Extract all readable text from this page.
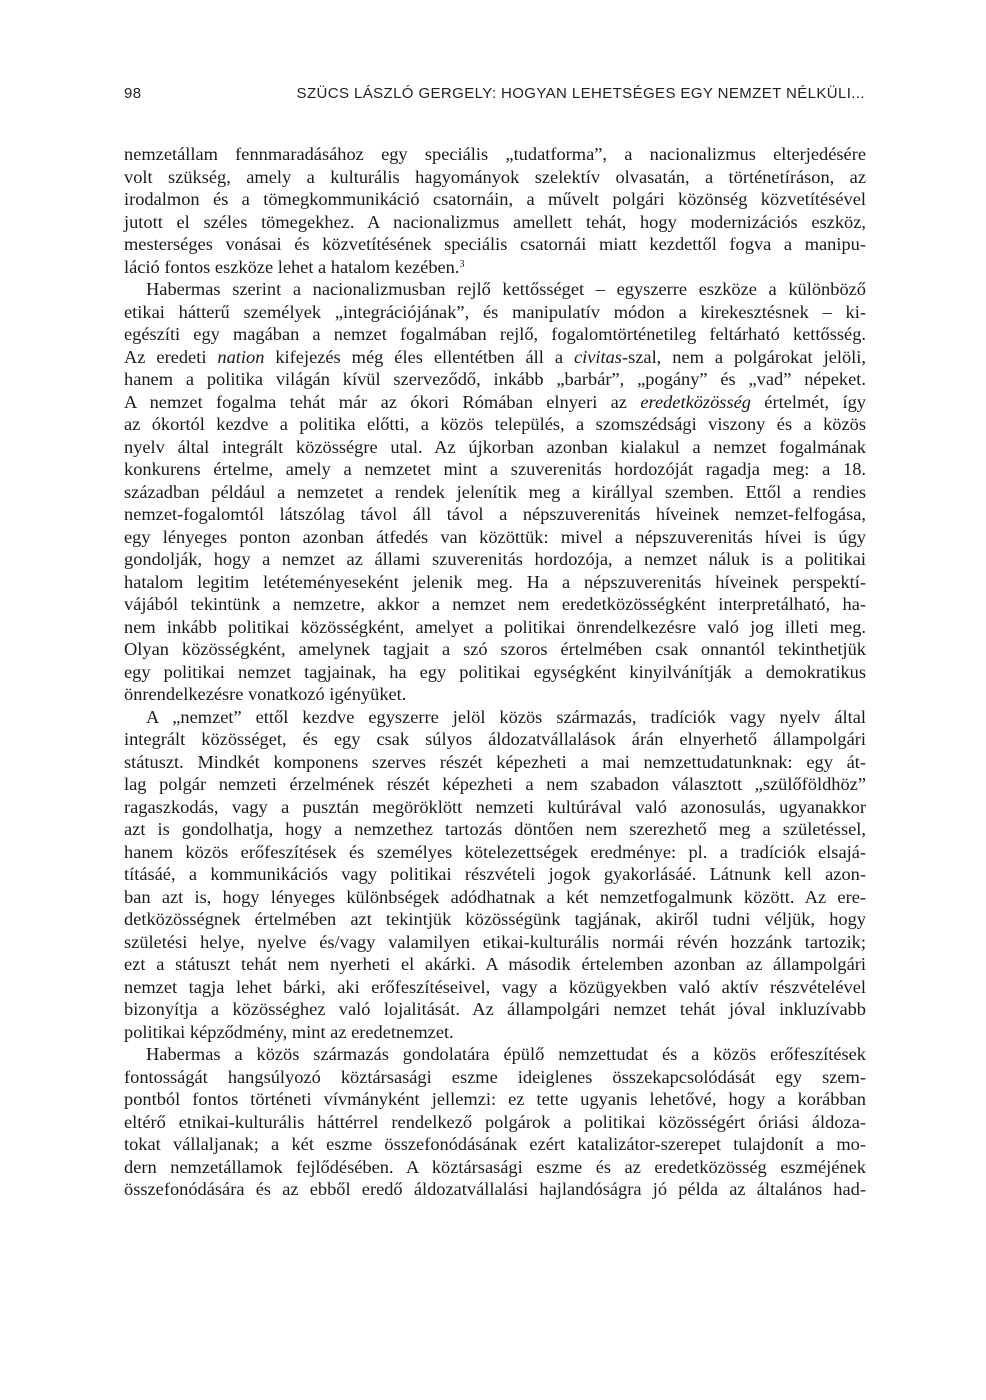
98	SZÜCS LÁSZLÓ GERGELY: HOGYAN LEHETSÉGES EGY NEMZET NÉLKÜLI...

nemzetállam fennmaradásához egy speciális „tudatforma”, a nacionalizmus elterjedésére

volt szükség, amely a kulturális hagyományok szelektív olvasatán, a történetíráson, az

irodalmon és a tömegkommunikáció csatornáin, a művelt polgári közönség közvetítésével

jutott el széles tömegekhez. A nacionalizmus amellett tehát, hogy modernizációs eszköz,

mesterséges vonásai és közvetítésének speciális csatornái miatt kezdettől fogva a manipu-

láció fontos eszköze lehet a hatalom kezében.$^3$

Habermas szerint a nacionalizmusban rejlő kettősséget – egyszerre eszköze a különböző

etikai hátterű személyek „integrációjának”, és manipulatív módon a kirekesztésnek – ki-

egészíti egy magában a nemzet fogalmában rejlő, fogalomtörténetileg feltárható kettősség.

Az eredeti nation kifejezés még éles ellentétben áll a civitas-szal, nem a polgárokat jelöli,

hanem a politika világán kívül szerveződő, inkább „barbár”, „pogány” és „vad” népeket.

A nemzet fogalma tehát már az ókori Rómában elnyeri az eredetközösség értelmét, így

az ókortól kezdve a politika előtti, a közös település, a szomszédsági viszony és a közös

nyelv által integrált közösségre utal. Az újkorban azonban kialakul a nemzet fogalmának

konkurens értelme, amely a nemzetet mint a szuverenitás hordozóját ragadja meg: a 18.

században például a nemzetet a rendek jelenítik meg a királlyal szemben. Ettől a rendies

nemzet-fogalomtól látszólag távol áll távol a népszuverenitás híveinek nemzet-felfogása,

egy lényeges ponton azonban átfedés van közöttük: mivel a népszuverenitás hívei is úgy

gondolják, hogy a nemzet az állami szuverenitás hordozója, a nemzet náluk is a politikai

hatalom legitim letéteményeseként jelenik meg. Ha a népszuverenitás híveinek perspektí-

vájából tekintünk a nemzetre, akkor a nemzet nem eredetközösségként interpretálható, ha-

nem inkább politikai közösségként, amelyet a politikai önrendelkezésre való jog illeti meg.

Olyan közösségként, amelynek tagjait a szó szoros értelmében csak onnantól tekinthetjük

egy politikai nemzet tagjainak, ha egy politikai egységként kinyilvánítják a demokratikus

önrendelkezésre vonatkozó igényüket.

A „nemzet” ettől kezdve egyszerre jelöl közös származás, tradíciók vagy nyelv által

integrált közösséget, és egy csak súlyos áldozatvállalások árán elnyerhető állampolgári

státuszt. Mindkét komponens szerves részét képezheti a mai nemzettudatunknak: egy át-

lag polgár nemzeti érzelmének részét képezheti a nem szabadon választott „szülőföldhöz”

ragaszkodás, vagy a pusztán megöröklött nemzeti kultúrával való azonosulás, ugyanakkor

azt is gondolhatja, hogy a nemzethez tartozás döntően nem szerezhető meg a születéssel,

hanem közös erőfeszítések és személyes kötelezettségek eredménye: pl. a tradíciók elsajá-

tításáé, a kommunikációs vagy politikai részvételi jogok gyakorlásáé. Látnunk kell azon-

ban azt is, hogy lényeges különbségek adódhatnak a két nemzetfogalmunk között. Az ere-

detközösségnek értelmében azt tekintjük közösségünk tagjának, akiről tudni véljük, hogy

születési helye, nyelve és/vagy valamilyen etikai-kulturális normái révén hozzánk tartozik;

ezt a státuszt tehát nem nyerheti el akárki. A második értelemben azonban az állampolgári

nemzet tagja lehet bárki, aki erőfeszítéseivel, vagy a közügyekben való aktív részvételével

bizonyítja a közösséghez való lojalitását. Az állampolgári nemzet tehát jóval inkluzívabb

politikai képződmény, mint az eredetnemzet.

Habermas a közös származás gondolatára épülő nemzettudat és a közös erőfeszítések

fontosságát hangsúlyozó köztársasági eszme ideiglenes összekapcsolódását egy szem-

pontból fontos történeti vívmányként jellemzi: ez tette ugyanis lehetővé, hogy a korábban

eltérő etnikai-kulturális háttérrel rendelkező polgárok a politikai közösségért óriási áldoza-

tokat vállaljanak; a két eszme összefonódásának ezért katalizátor-szerepet tulajdonít a mo-

dern nemzetállamok fejlődésében. A köztársasági eszme és az eredetközösség eszméjének

összefonódására és az ebből eredő áldozatvállalási hajlandóságra jó példa az általános had-
